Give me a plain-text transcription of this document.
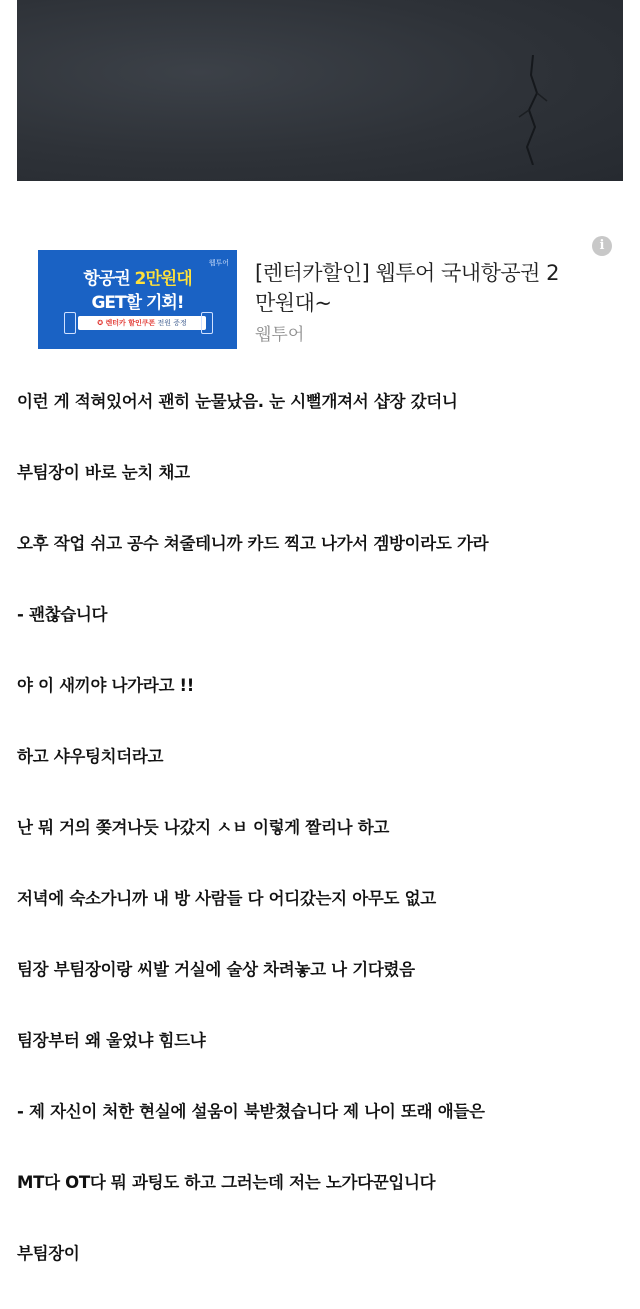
i
웹투어
항공권 2만원대
GET할 기회!
✪ 렌터카 할인쿠폰 전원 증정
[렌터카할인] 웹투어 국내항공권 2만원대~
웹투어

이런 게 적혀있어서 괜히 눈물났음. 눈 시뻘개져서 샵장 갔더니

부팀장이 바로 눈치 채고

오후 작업 쉬고 공수 쳐줄테니까 카드 찍고 나가서 겜방이라도 가라

- 괜찮습니다

야 이 새끼야 나가라고 !!

하고 샤우팅치더라고

난 뭐 거의 쫒겨나듯 나갔지 ㅅㅂ 이렇게 짤리나 하고

저녁에 숙소가니까 내 방 사람들 다 어디갔는지 아무도 없고

팀장 부팀장이랑 씨발 거실에 술상 차려놓고 나 기다렸음

팀장부터 왜 울었냐 힘드냐

- 제 자신이 처한 현실에 설움이 북받쳤습니다 제 나이 또래 애들은

MT다 OT다 뭐 과팅도 하고 그러는데 저는 노가다꾼입니다

부팀장이
